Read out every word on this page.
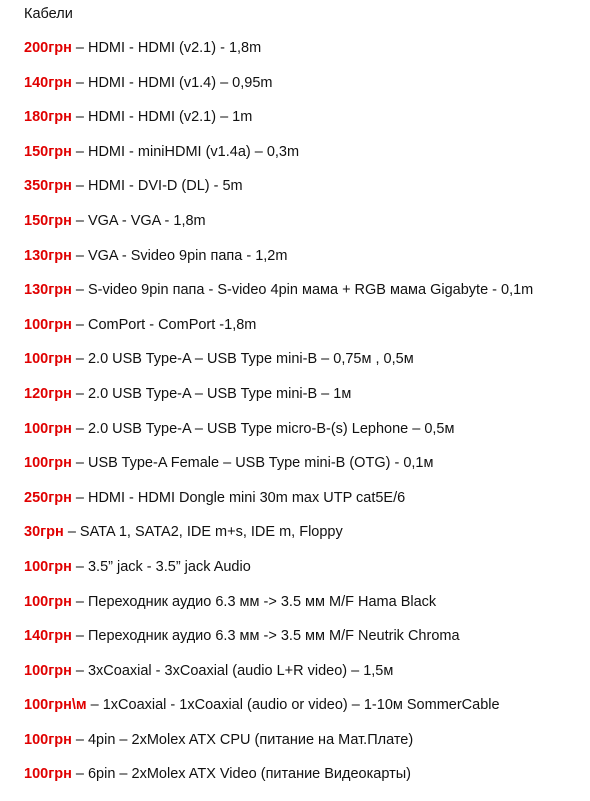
Кабели
200грн – HDMI - HDMI (v2.1) - 1,8m
140грн – HDMI - HDMI (v1.4) – 0,95m
180грн – HDMI - HDMI (v2.1) – 1m
150грн – HDMI - miniHDMI (v1.4a) – 0,3m
350грн – HDMI - DVI-D (DL) - 5m
150грн – VGA - VGA - 1,8m
130грн – VGA - Svideo 9pin папа - 1,2m
130грн – S-video 9pin папа - S-video 4pin мама + RGB мама Gigabyte - 0,1m
100грн – ComPort - ComPort -1,8m
100грн – 2.0 USB Type-A – USB Type mini-B – 0,75м , 0,5м
120грн – 2.0 USB Type-A – USB Type mini-B – 1м
100грн – 2.0 USB Type-A – USB Type micro-B-(s) Lephone – 0,5м
100грн – USB Type-A Female – USB Type mini-B (OTG) - 0,1м
250грн – HDMI - HDMI Dongle mini 30m max UTP cat5E/6
30грн – SATA 1, SATA2, IDE m+s, IDE m, Floppy
100грн – 3.5” jack - 3.5” jack Audio
100грн – Переходник аудио 6.3 мм -> 3.5 мм M/F Hama Black
140грн – Переходник аудио 6.3 мм -> 3.5 мм M/F Neutrik Chroma
100грн – 3xCoaxial - 3xCoaxial (audio L+R video) – 1,5м
100грн\м – 1xCoaxial - 1xCoaxial (audio or video) – 1-10м SommerCable
100грн – 4pin – 2xMolex ATX CPU (питание на Мат.Плате)
100грн – 6pin – 2xMolex ATX Video (питание Видеокарты)
